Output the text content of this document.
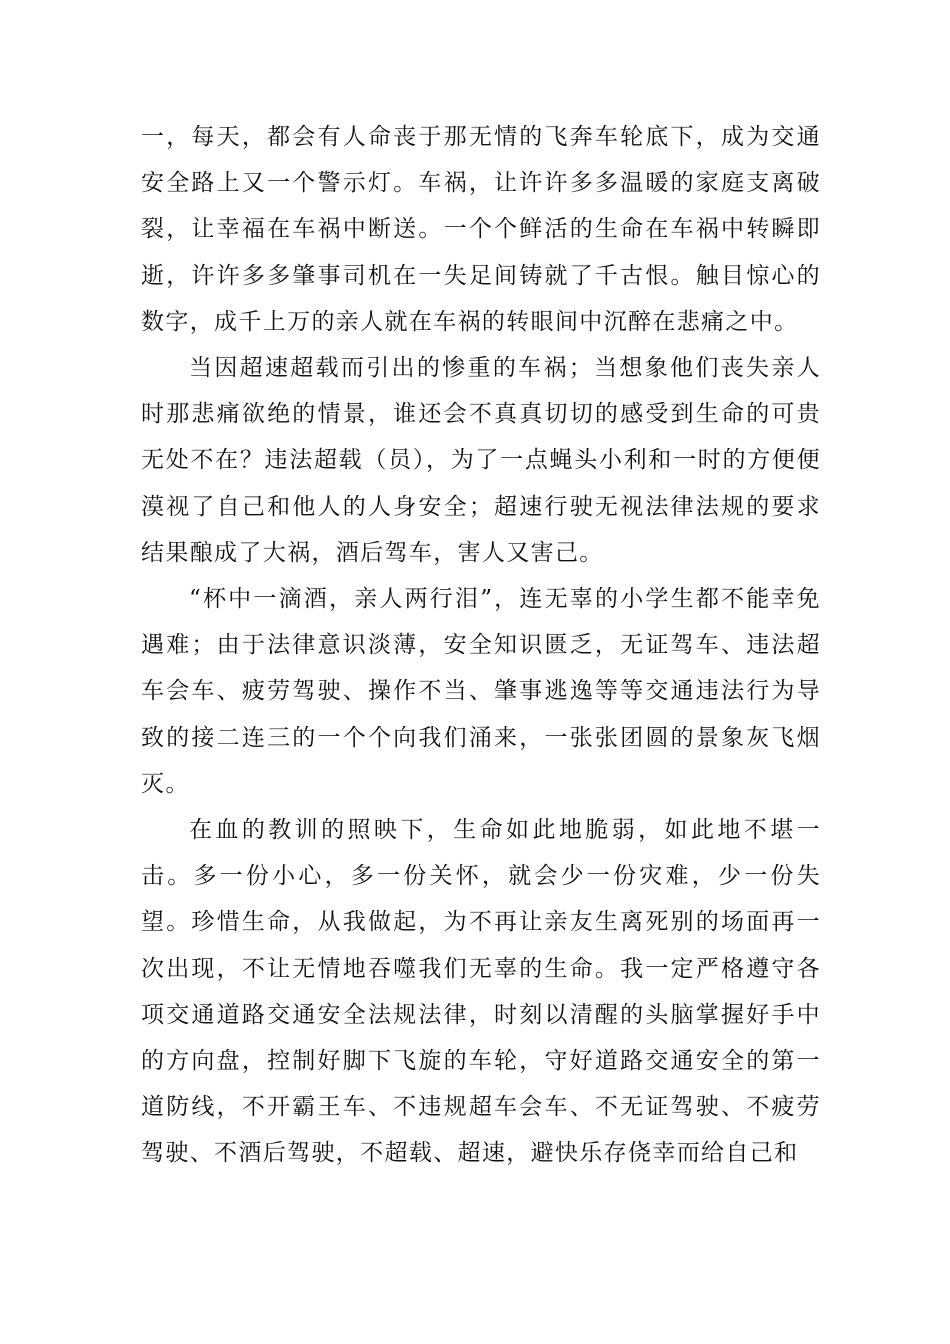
一，每天，都会有人命丧于那无情的飞奔车轮底下，成为交通安全路上又一个警示灯。车祸，让许许多多温暖的家庭支离破裂，让幸福在车祸中断送。一个个鲜活的生命在车祸中转瞬即逝，许许多多肇事司机在一失足间铸就了千古恨。触目惊心的数字，成千上万的亲人就在车祸的转眼间中沉醉在悲痛之中。

当因超速超载而引出的惨重的车祸；当想象他们丧失亲人时那悲痛欲绝的情景，谁还会不真真切切的感受到生命的可贵无处不在？违法超载（员），为了一点蝇头小利和一时的方便便漠视了自己和他人的人身安全；超速行驶无视法律法规的要求结果酿成了大祸，酒后驾车，害人又害己。

“杯中一滴酒，亲人两行泪”，连无辜的小学生都不能幸免遇难；由于法律意识淡薄，安全知识匮乏，无证驾车、违法超车会车、疲劳驾驶、操作不当、肇事逃逸等等交通违法行为导致的接二连三的一个个向我们涌来，一张张团圆的景象灰飞烟灭。

在血的教训的照映下，生命如此地脆弱，如此地不堪一击。多一份小心，多一份关怀，就会少一份灾难，少一份失望。珍惜生命，从我做起，为不再让亲友生离死别的场面再一次出现，不让无情地吞噬我们无辜的生命。我一定严格遵守各项交通道路交通安全法规法律，时刻以清醒的头脑掌握好手中的方向盘，控制好脚下飞旋的车轮，守好道路交通安全的第一道防线，不开霸王车、不违规超车会车、不无证驾驶、不疲劳驾驶、不酒后驾驶，不超载、超速，避快乐存侥幸而给自己和
